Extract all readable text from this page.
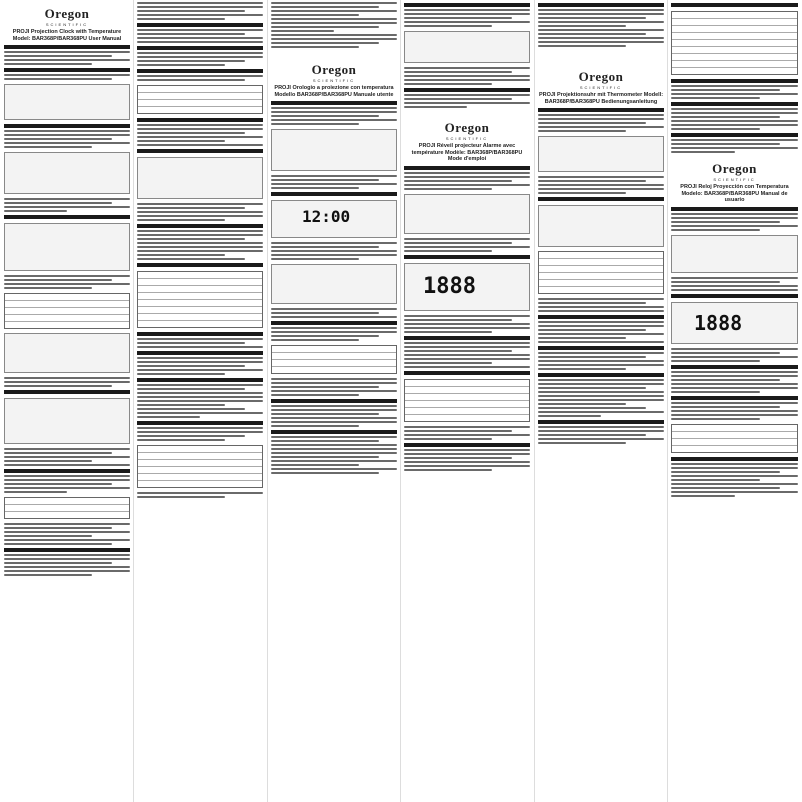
Oregon
SCIENTIFIC
PROJI Projection Clock with Temperature Model: BAR368P/BAR368PU User Manual
Oregon
SCIENTIFIC
PROJI Orologio a proiezione con temperatura Modello BAR368P/BAR368PU Manuale utente
12:00
Oregon
SCIENTIFIC
PROJI Réveil projecteur Alarme avec température Modèle: BAR368P/BAR368PU Mode d'emploi
1888
Oregon
SCIENTIFIC
PROJI Projektionsuhr mit Thermometer Modell: BAR368P/BAR368PU Bedienungsanleitung
Oregon
SCIENTIFIC
PROJI Reloj Proyección con Temperatura Modelo: BAR368P/BAR368PU Manual de usuario
1888
